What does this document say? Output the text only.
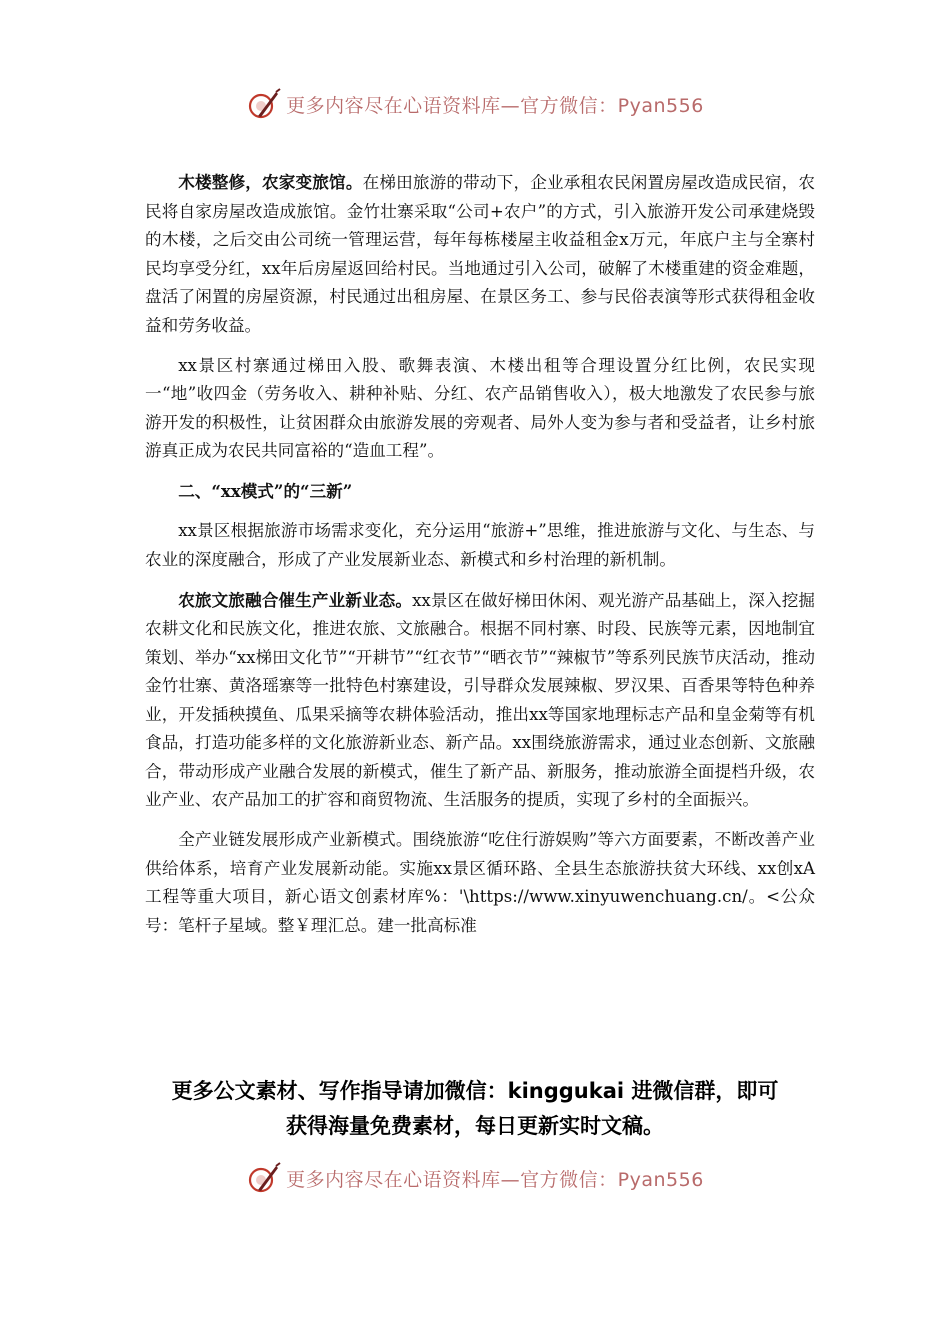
更多内容尽在心语资料库—官方微信：Pyan556

木楼整修，农家变旅馆。在梯田旅游的带动下，企业承租农民闲置房屋改造成民宿，农民将自家房屋改造成旅馆。金竹壮寨采取“公司+农户”的方式，引入旅游开发公司承建烧毁的木楼，之后交由公司统一管理运营，每年每栋楼屋主收益租金x万元，年底户主与全寨村民均享受分红，xx年后房屋返回给村民。当地通过引入公司，破解了木楼重建的资金难题，盘活了闲置的房屋资源，村民通过出租房屋、在景区务工、参与民俗表演等形式获得租金收益和劳务收益。

xx景区村寨通过梯田入股、歌舞表演、木楼出租等合理设置分红比例，农民实现一“地”收四金（劳务收入、耕种补贴、分红、农产品销售收入），极大地激发了农民参与旅游开发的积极性，让贫困群众由旅游发展的旁观者、局外人变为参与者和受益者，让乡村旅游真正成为农民共同富裕的“造血工程”。

二、“xx模式”的“三新”

xx景区根据旅游市场需求变化，充分运用“旅游+”思维，推进旅游与文化、与生态、与农业的深度融合，形成了产业发展新业态、新模式和乡村治理的新机制。

农旅文旅融合催生产业新业态。xx景区在做好梯田休闲、观光游产品基础上，深入挖掘农耕文化和民族文化，推进农旅、文旅融合。根据不同村寨、时段、民族等元素，因地制宜策划、举办“xx梯田文化节”“开耕节”“红衣节”“晒衣节”“辣椒节”等系列民族节庆活动，推动金竹壮寨、黄洛瑶寨等一批特色村寨建设，引导群众发展辣椒、罗汉果、百香果等特色种养业，开发插秧摸鱼、瓜果采摘等农耕体验活动，推出xx等国家地理标志产品和皇金菊等有机食品，打造功能多样的文化旅游新业态、新产品。xx围绕旅游需求，通过业态创新、文旅融合，带动形成产业融合发展的新模式，催生了新产品、新服务，推动旅游全面提档升级，农业产业、农产品加工的扩容和商贸物流、生活服务的提质，实现了乡村的全面振兴。

全产业链发展形成产业新模式。围绕旅游“吃住行游娱购”等六方面要素，不断改善产业供给体系，培育产业发展新动能。实施xx景区循环路、全县生态旅游扶贫大环线、xx创xA工程等重大项目，新心语文创素材库%：'\https://www.xinyuwenchuang.cn/。<公众号：笔杆子星域。整￥理汇总。建一批高标准

更多公文素材、写作指导请加微信：kinggukai 进微信群，即可
获得海量免费素材，每日更新实时文稿。
更多内容尽在心语资料库—官方微信：Pyan556
